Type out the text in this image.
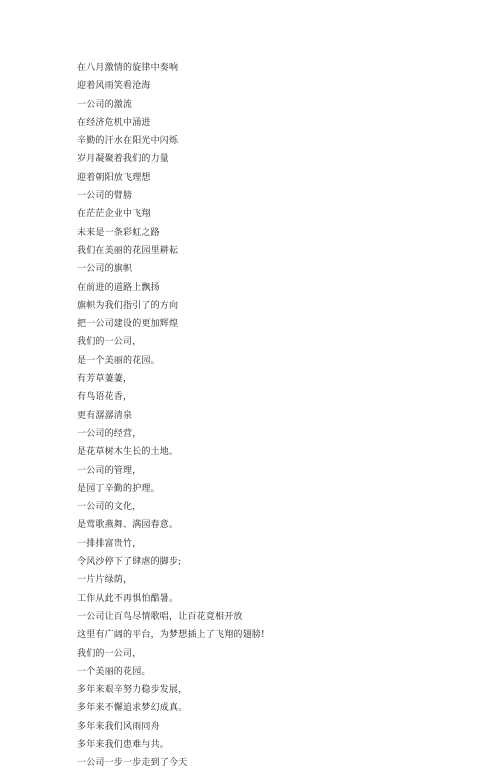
在八月激情的旋律中奏响
迎着风雨笑看沧海
一公司的激流
在经济危机中涌进
辛勤的汗水在阳光中闪烁
岁月凝聚着我们的力量
迎着朝阳放飞理想
一公司的臂膀
在茫茫企业中飞翔
未来是一条彩虹之路
我们在美丽的花园里耕耘
一公司的旗帜
在前进的道路上飘扬
旗帜为我们指引了的方向
把一公司建设的更加辉煌
我们的一公司，
是一个美丽的花园。
有芳草萋萋，
有鸟语花香，
更有潺潺清泉
一公司的经营，
是花草树木生长的土地。
一公司的管理，
是园丁辛勤的护理。
一公司的文化，
是莺歌燕舞、满园春意。
一排排富贵竹，
令风沙停下了肆虐的脚步;
一片片绿荫，
工作从此不再惧怕酷暑。
一公司让百鸟尽情歌唱，让百花竟相开放
这里有广阔的平台，为梦想插上了飞翔的翅膀!
我们的一公司，
一个美丽的花园。
多年来艰辛努力稳步发展，
多年来不懈追求梦幻成真。
多年来我们风雨同舟
多年来我们患难与共。
一公司一步一步走到了今天
